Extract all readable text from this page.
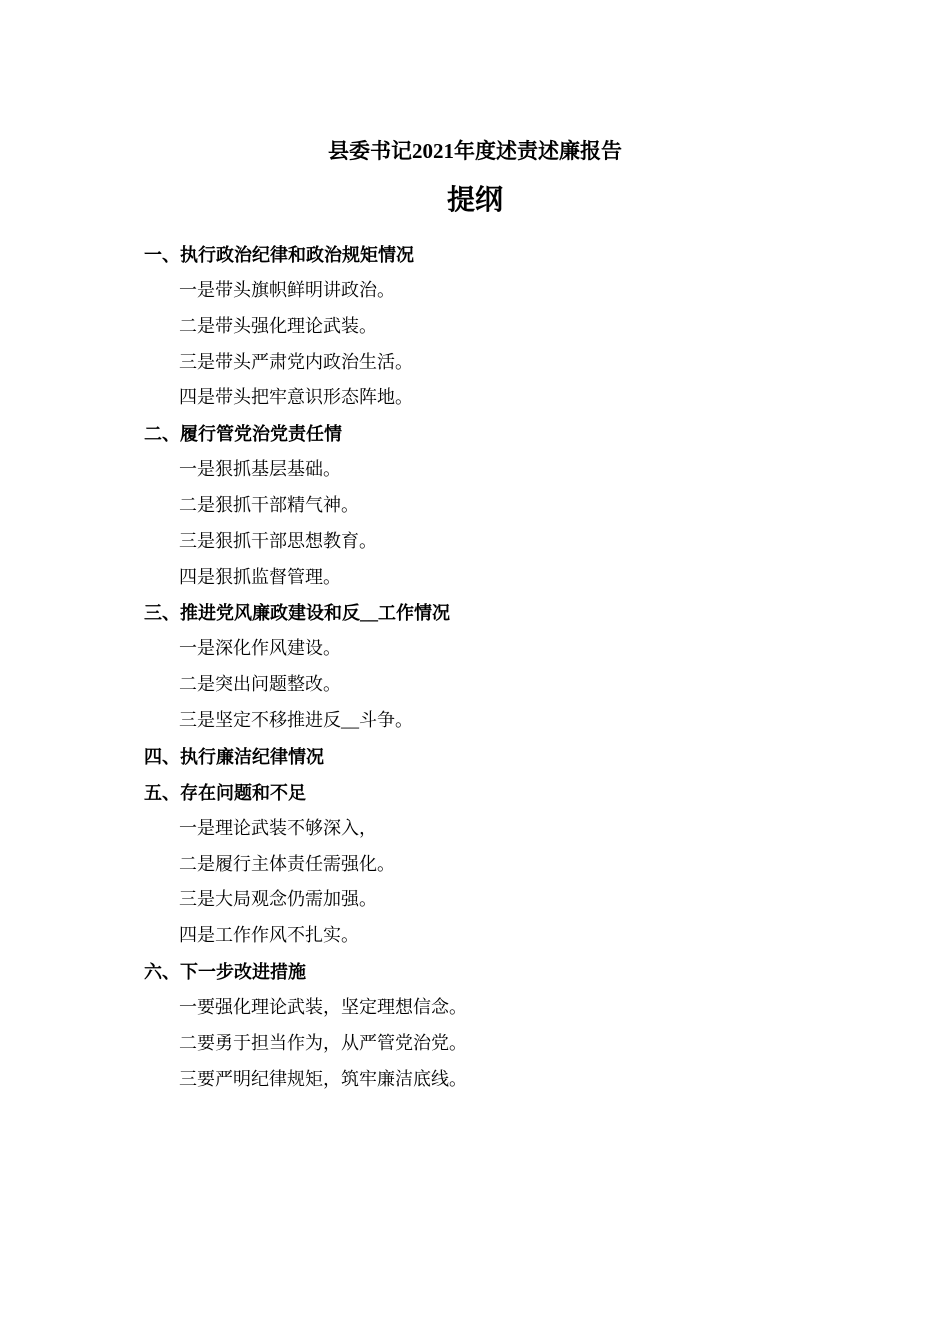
县委书记2021年度述责述廉报告
提纲
一、执行政治纪律和政治规矩情况
一是带头旗帜鲜明讲政治。
二是带头强化理论武装。
三是带头严肃党内政治生活。
四是带头把牢意识形态阵地。
二、履行管党治党责任情
一是狠抓基层基础。
二是狠抓干部精气神。
三是狠抓干部思想教育。
四是狠抓监督管理。
三、推进党风廉政建设和反__工作情况
一是深化作风建设。
二是突出问题整改。
三是坚定不移推进反__斗争。
四、执行廉洁纪律情况
五、存在问题和不足
一是理论武装不够深入，
二是履行主体责任需强化。
三是大局观念仍需加强。
四是工作作风不扎实。
六、下一步改进措施
一要强化理论武装，坚定理想信念。
二要勇于担当作为，从严管党治党。
三要严明纪律规矩，筑牢廉洁底线。
